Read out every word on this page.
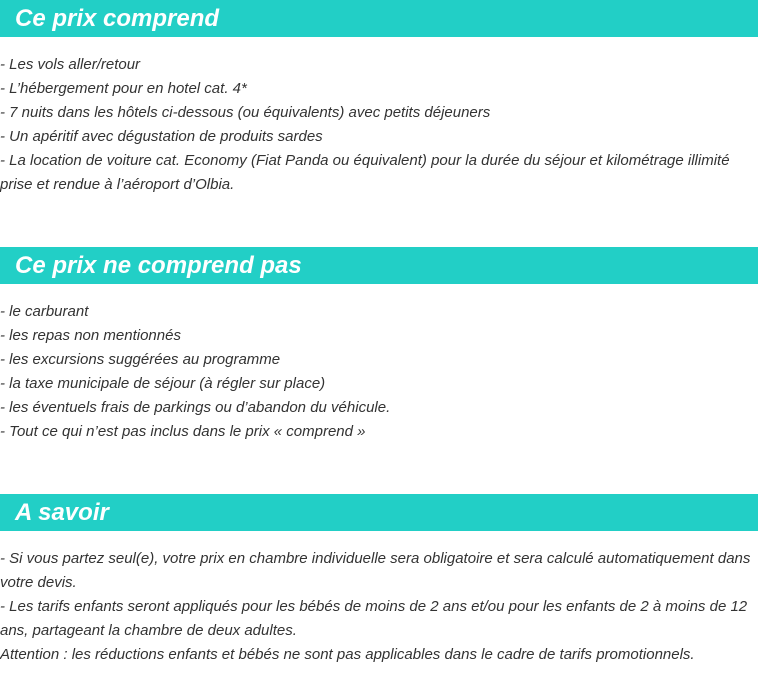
Ce prix comprend

- Les vols aller/retour

- L’hébergement pour en hotel cat. 4*

- 7 nuits dans les hôtels ci-dessous (ou équivalents) avec petits déjeuners

- Un apéritif avec dégustation de produits sardes

- La location de voiture cat. Economy (Fiat Panda ou équivalent) pour la durée du séjour et kilométrage illimité prise et rendue à l’aéroport d’Olbia.

Ce prix ne comprend pas

- le carburant

- les repas non mentionnés

- les excursions suggérées au programme

- la taxe municipale de séjour (à régler sur place)

- les éventuels frais de parkings ou d’abandon du véhicule.

- Tout ce qui n’est pas inclus dans le prix « comprend »

A savoir

- Si vous partez seul(e), votre prix en chambre individuelle sera obligatoire et sera calculé automatiquement dans votre devis.

- Les tarifs enfants seront appliqués pour les bébés de moins de 2 ans et/ou pour les enfants de 2 à moins de 12 ans, partageant la chambre de deux adultes.

Attention : les réductions enfants et bébés ne sont pas applicables dans le cadre de tarifs promotionnels.
